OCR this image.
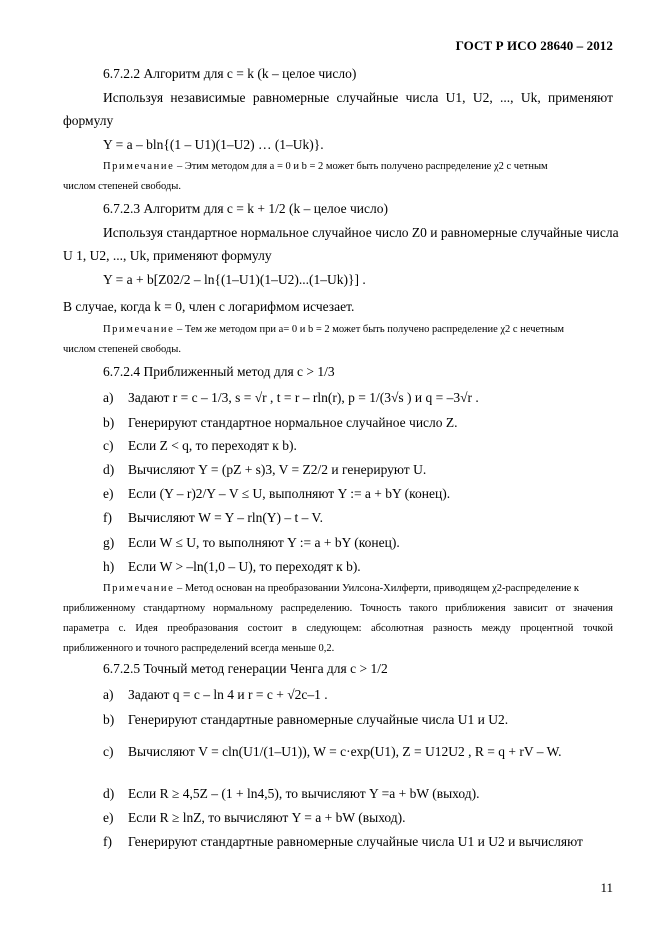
ГОСТ Р ИСО 28640 – 2012
6.7.2.2 Алгоритм для c = k (k – целое число)
Используя независимые равномерные случайные числа U1, U2, ..., Uk, применяют
формулу
Y = a – bln{(1 – U1)(1–U2) … (1–Uk)}.
Примечание – Этим методом для a = 0 и b = 2 может быть получено распределение χ2 с четным
числом степеней свободы.
6.7.2.3 Алгоритм для c = k + 1/2 (k – целое число)
Используя стандартное нормальное случайное число Z0 и равномерные случайные числа
U 1, U2, ..., Uk, применяют формулу
Y = a + b[Z02/2 – ln{(1–U1)(1–U2)...(1–Uk)}] .
В случае, когда k = 0, член с логарифмом исчезает.
Примечание – Тем же методом при a= 0 и b = 2 может быть получено распределение χ2 с нечетным
числом степеней свободы.
6.7.2.4 Приближенный метод для c > 1/3
a) Задают r = c – 1/3, s = √r , t = r – rln(r), p = 1/(3√s ) и q = –3√r .
b) Генерируют стандартное нормальное случайное число Z.
c) Если Z < q, то переходят к b).
d) Вычисляют Y = (pZ + s)3, V = Z2/2 и генерируют U.
e) Если (Y – r)2/Y – V ≤ U, выполняют Y := a + bY (конец).
f) Вычисляют W = Y – rln(Y) – t – V.
g) Если W ≤ U, то выполняют Y := a + bY (конец).
h) Если W > –ln(1,0 – U), то переходят к b).
Примечание – Метод основан на преобразовании Уилсона-Хилферти, приводящем χ2-распределение к
приближенному стандартному нормальному распределению. Точность такого приближения зависит от значения
параметра c. Идея преобразования состоит в следующем: абсолютная разность между процентной точкой
приближенного и точного распределений всегда меньше 0,2.
6.7.2.5 Точный метод генерации Ченга для c > 1/2
a) Задают q = c – ln 4 и r = c + √2c–1 .
b) Генерируют стандартные равномерные случайные числа U1 и U2.
c) Вычисляют V = cln(U1/(1–U1)), W = c·exp(U1), Z = U12U2 , R = q + rV – W.
d) Если R ≥ 4,5Z – (1 + ln4,5), то вычисляют Y =a + bW (выход).
e) Если R ≥ lnZ, то вычисляют Y = a + bW (выход).
f) Генерируют стандартные равномерные случайные числа U1 и U2 и вычисляют
11
